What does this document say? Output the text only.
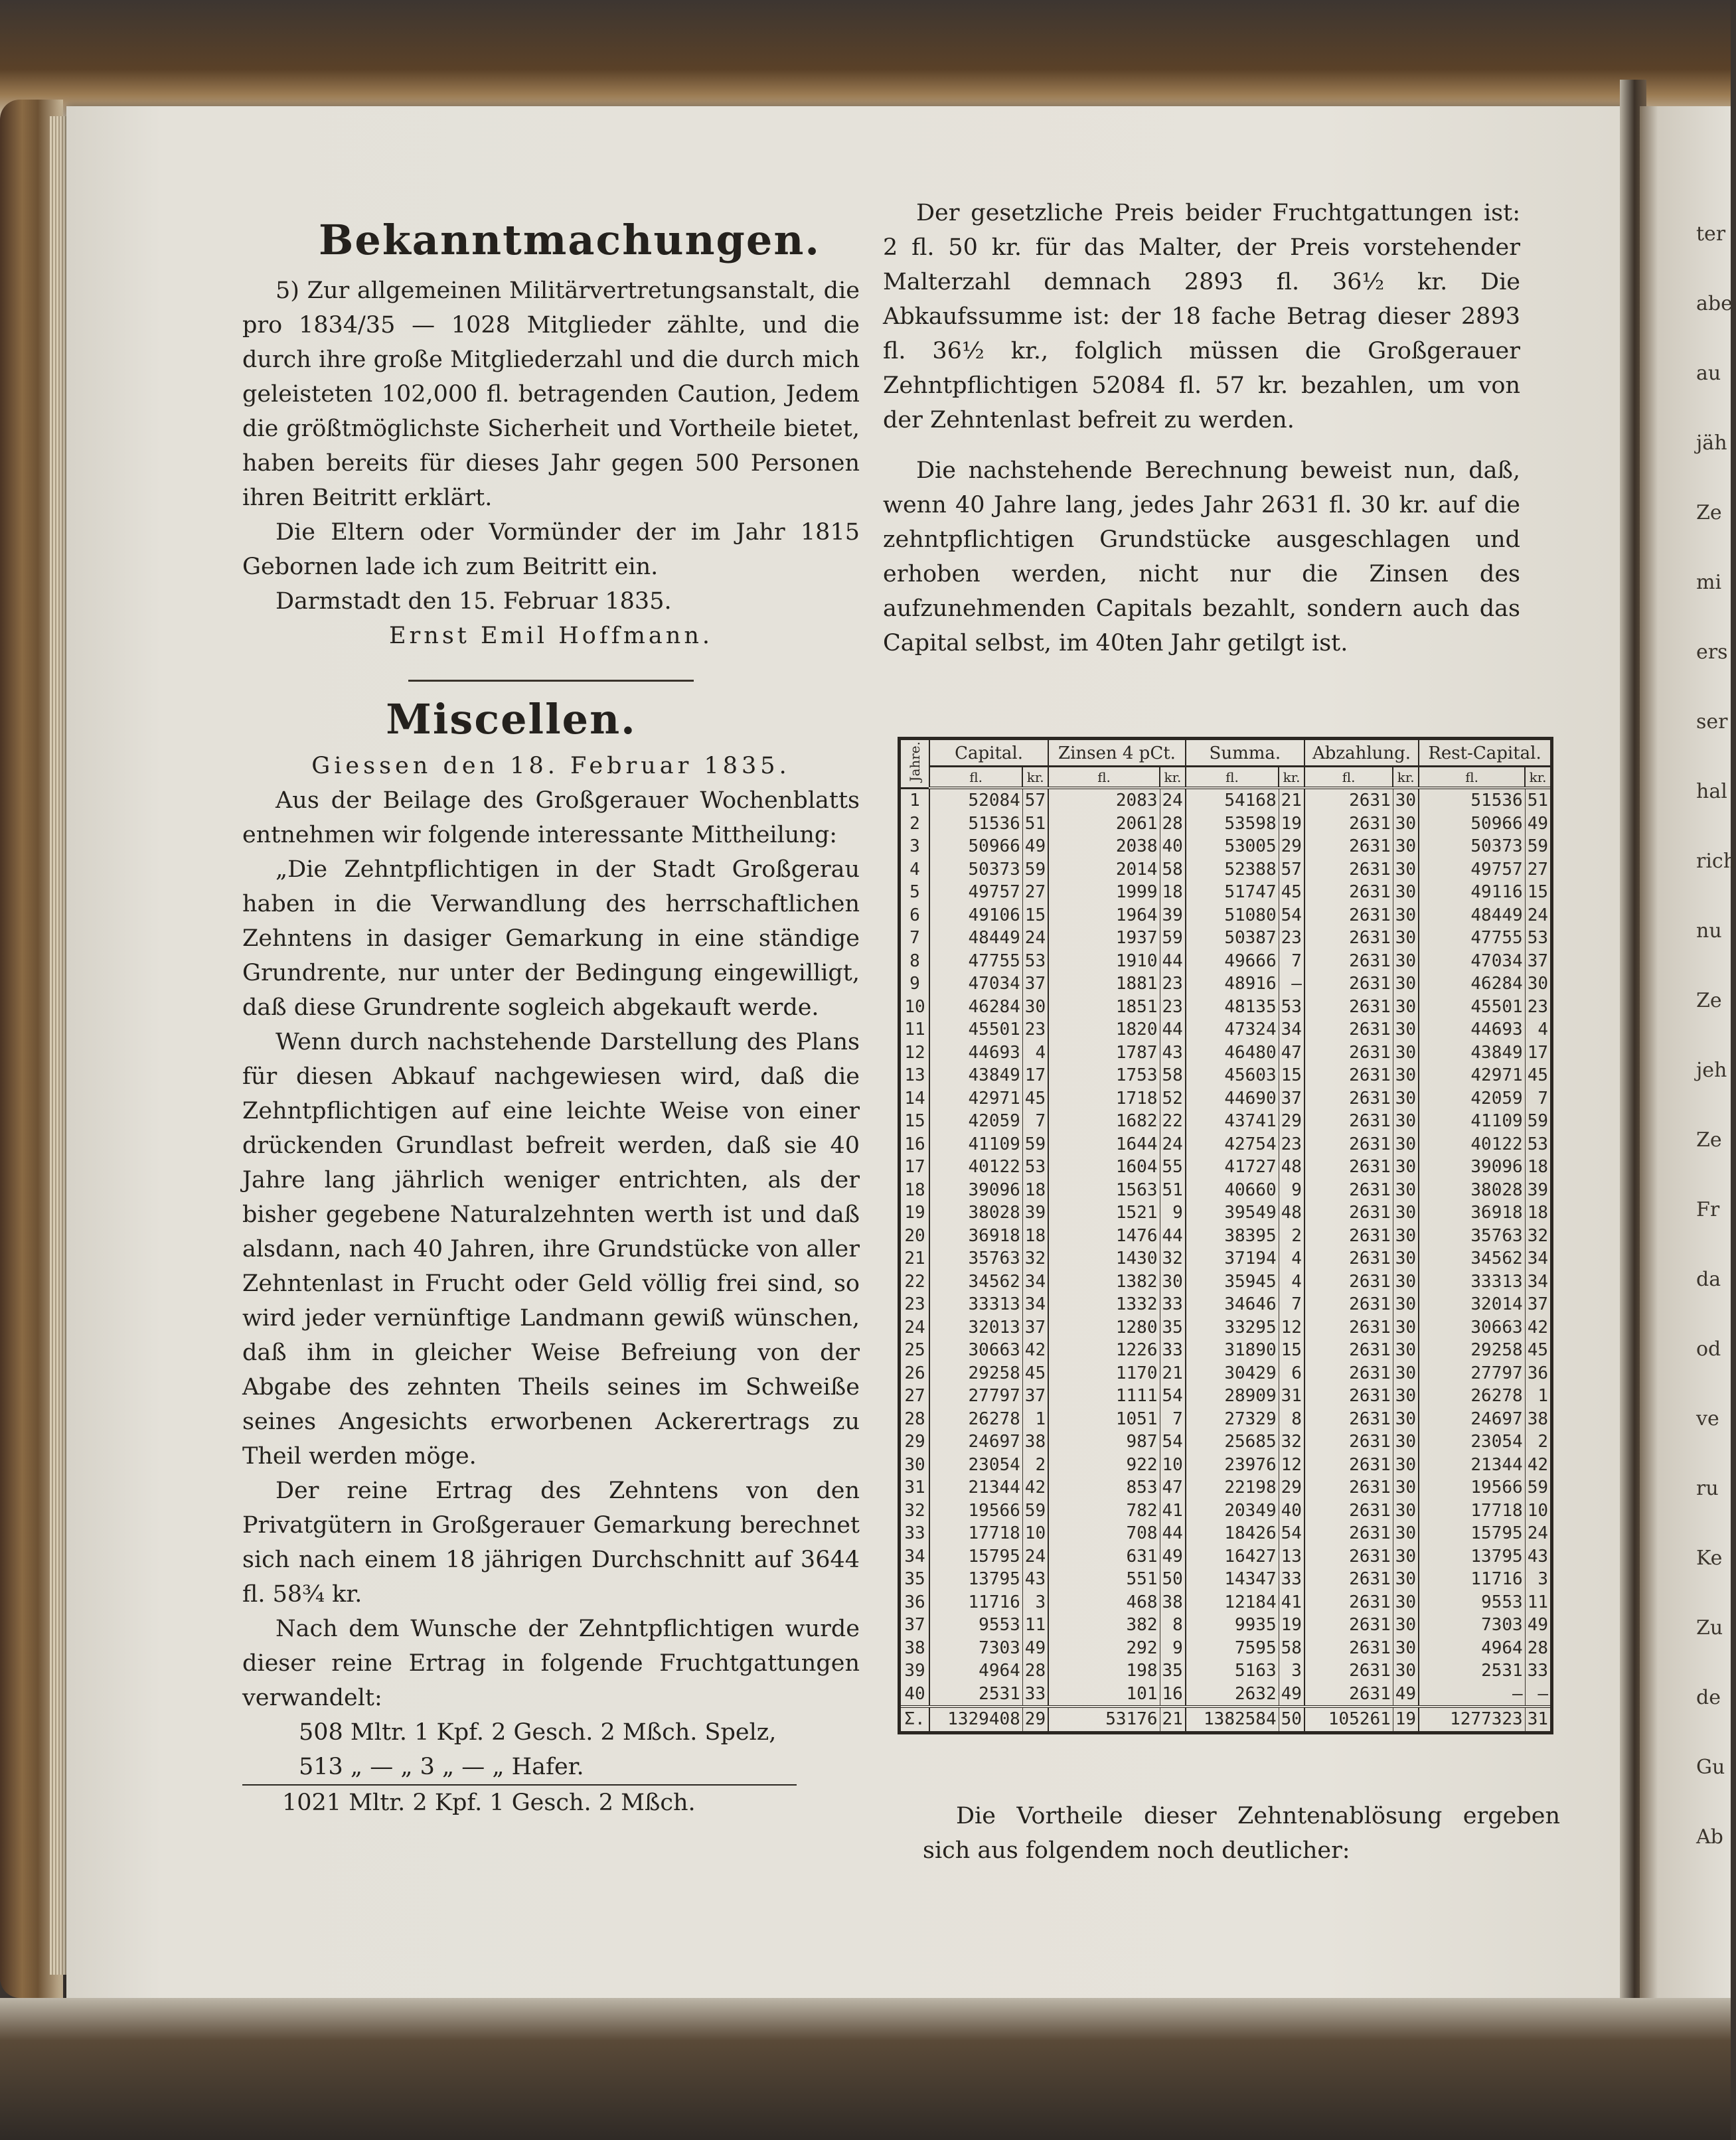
Bekanntmachungen.

5) Zur allgemeinen Militärvertretungsanstalt, die pro 1834/35 — 1028 Mitglieder zählte, und die durch ihre große Mitgliederzahl und die durch mich geleisteten 102,000 fl. betragenden Caution, Jedem die größtmöglichste Sicherheit und Vortheile bietet, haben bereits für dieses Jahr gegen 500 Personen ihren Beitritt erklärt.

Die Eltern oder Vormünder der im Jahr 1815 Gebornen lade ich zum Beitritt ein.

Darmstadt den 15. Februar 1835.

Ernst Emil Hoffmann.

Miscellen.

Giessen den 18. Februar 1835.

Aus der Beilage des Großgerauer Wochenblatts entnehmen wir folgende interessante Mittheilung:

„Die Zehntpflichtigen in der Stadt Großgerau haben in die Verwandlung des herrschaftlichen Zehntens in dasiger Gemarkung in eine ständige Grundrente, nur unter der Bedingung eingewilligt, daß diese Grundrente sogleich abgekauft werde.

Wenn durch nachstehende Darstellung des Plans für diesen Abkauf nachgewiesen wird, daß die Zehntpflichtigen auf eine leichte Weise von einer drückenden Grundlast befreit werden, daß sie 40 Jahre lang jährlich weniger entrichten, als der bisher gegebene Naturalzehnten werth ist und daß alsdann, nach 40 Jahren, ihre Grundstücke von aller Zehntenlast in Frucht oder Geld völlig frei sind, so wird jeder vernünftige Landmann gewiß wünschen, daß ihm in gleicher Weise Befreiung von der Abgabe des zehnten Theils seines im Schweiße seines Angesichts erworbenen Ackerertrags zu Theil werden möge.

Der reine Ertrag des Zehntens von den Privatgütern in Großgerauer Gemarkung berechnet sich nach einem 18 jährigen Durchschnitt auf 3644 fl. 58¾ kr.

Nach dem Wunsche der Zehntpflichtigen wurde dieser reine Ertrag in folgende Fruchtgattungen verwandelt:

508 Mltr. 1 Kpf. 2 Gesch. 2 Mßch. Spelz,

513 „ — „ 3 „ — „ Hafer.

1021 Mltr. 2 Kpf. 1 Gesch. 2 Mßch.

Der gesetzliche Preis beider Fruchtgattungen ist: 2 fl. 50 kr. für das Malter, der Preis vorstehender Malterzahl demnach 2893 fl. 36½ kr. Die Abkaufssumme ist: der 18 fache Betrag dieser 2893 fl. 36½ kr., folglich müssen die Großgerauer Zehntpflichtigen 52084 fl. 57 kr. bezahlen, um von der Zehntenlast befreit zu werden.

Die nachstehende Berechnung beweist nun, daß, wenn 40 Jahre lang, jedes Jahr 2631 fl. 30 kr. auf die zehntpflichtigen Grundstücke ausgeschlagen und erhoben werden, nicht nur die Zinsen des aufzunehmenden Capitals bezahlt, sondern auch das Capital selbst, im 40ten Jahr getilgt ist.

Jahre.	Capital.		Zinsen 4 pCt.		Summa.		Abzahlung.		Rest-Capital.	
	fl.	kr.	fl.	kr.	fl.	kr.	fl.	kr.	fl.	kr.
1	52084	57	2083	24	54168	21	2631	30	51536	51
2	51536	51	2061	28	53598	19	2631	30	50966	49
3	50966	49	2038	40	53005	29	2631	30	50373	59
4	50373	59	2014	58	52388	57	2631	30	49757	27
5	49757	27	1999	18	51747	45	2631	30	49116	15
6	49106	15	1964	39	51080	54	2631	30	48449	24
7	48449	24	1937	59	50387	23	2631	30	47755	53
8	47755	53	1910	44	49666	7	2631	30	47034	37
9	47034	37	1881	23	48916	—	2631	30	46284	30
10	46284	30	1851	23	48135	53	2631	30	45501	23
11	45501	23	1820	44	47324	34	2631	30	44693	4
12	44693	4	1787	43	46480	47	2631	30	43849	17
13	43849	17	1753	58	45603	15	2631	30	42971	45
14	42971	45	1718	52	44690	37	2631	30	42059	7
15	42059	7	1682	22	43741	29	2631	30	41109	59
16	41109	59	1644	24	42754	23	2631	30	40122	53
17	40122	53	1604	55	41727	48	2631	30	39096	18
18	39096	18	1563	51	40660	9	2631	30	38028	39
19	38028	39	1521	9	39549	48	2631	30	36918	18
20	36918	18	1476	44	38395	2	2631	30	35763	32
21	35763	32	1430	32	37194	4	2631	30	34562	34
22	34562	34	1382	30	35945	4	2631	30	33313	34
23	33313	34	1332	33	34646	7	2631	30	32014	37
24	32013	37	1280	35	33295	12	2631	30	30663	42
25	30663	42	1226	33	31890	15	2631	30	29258	45
26	29258	45	1170	21	30429	6	2631	30	27797	36
27	27797	37	1111	54	28909	31	2631	30	26278	1
28	26278	1	1051	7	27329	8	2631	30	24697	38
29	24697	38	987	54	25685	32	2631	30	23054	2
30	23054	2	922	10	23976	12	2631	30	21344	42
31	21344	42	853	47	22198	29	2631	30	19566	59
32	19566	59	782	41	20349	40	2631	30	17718	10
33	17718	10	708	44	18426	54	2631	30	15795	24
34	15795	24	631	49	16427	13	2631	30	13795	43
35	13795	43	551	50	14347	33	2631	30	11716	3
36	11716	3	468	38	12184	41	2631	30	9553	11
37	9553	11	382	8	9935	19	2631	30	7303	49
38	7303	49	292	9	7595	58	2631	30	4964	28
39	4964	28	198	35	5163	3	2631	30	2531	33
40	2531	33	101	16	2632	49	2631	49	—	—
Σ.	1329408	29	53176	21	1382584	50	105261	19	1277323	31

Die Vortheile dieser Zehntenablösung ergeben sich aus folgendem noch deutlicher:

ter
abe
au
jäh
Ze
mi
ers
ser
hal
rich
nu
Ze
jeh
Ze
Fr
da
od
ve
ru
Ke
Zu
de
Gu
Ab
